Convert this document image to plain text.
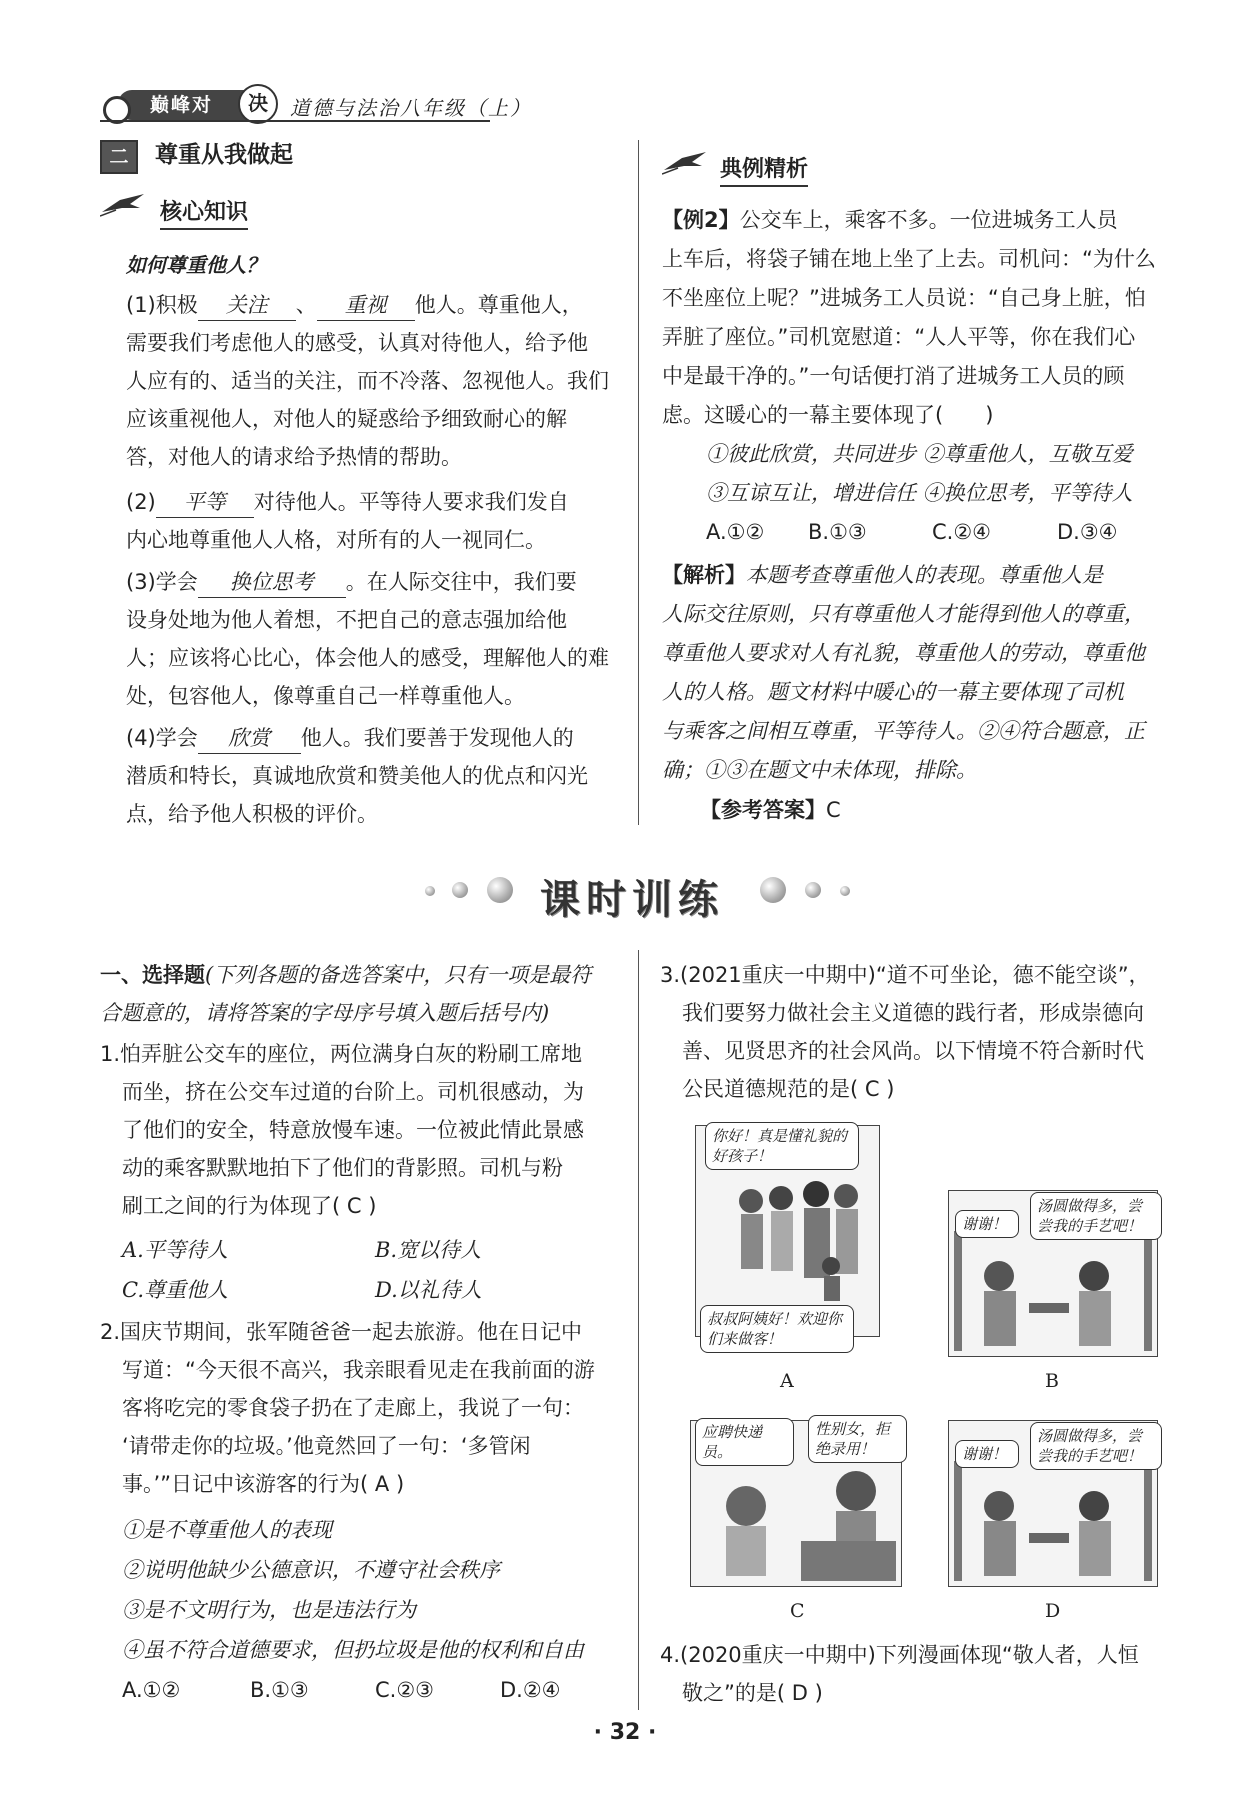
巅峰对	决	道德与法治八年级（上）
二	尊重从我做起
核心知识
如何尊重他人？
(1)积极 关注 、 重视 他人。尊重他人，
需要我们考虑他人的感受，认真对待他人，给予他
人应有的、适当的关注，而不冷落、忽视他人。我们
应该重视他人，对他人的疑惑给予细致耐心的解
答，对他人的请求给予热情的帮助。
(2) 平等 对待他人。平等待人要求我们发自
内心地尊重他人人格，对所有的人一视同仁。
(3)学会 换位思考 。在人际交往中，我们要
设身处地为他人着想，不把自己的意志强加给他
人；应该将心比心，体会他人的感受，理解他人的难
处，包容他人，像尊重自己一样尊重他人。
(4)学会 欣赏 他人。我们要善于发现他人的
潜质和特长，真诚地欣赏和赞美他人的优点和闪光
点，给予他人积极的评价。
典例精析
【例2】公交车上，乘客不多。一位进城务工人员
上车后，将袋子铺在地上坐了上去。司机问：“为什么
不坐座位上呢？”进城务工人员说：“自己身上脏，怕
弄脏了座位。”司机宽慰道：“人人平等，你在我们心
中是最干净的。”一句话便打消了进城务工人员的顾
虑。这暖心的一幕主要体现了(　　)
①彼此欣赏，共同进步 ②尊重他人，互敬互爱
③互谅互让，增进信任 ④换位思考，平等待人
A.①② B.①③	C.②④	D.③④
【解析】本题考查尊重他人的表现。尊重他人是
人际交往原则，只有尊重他人才能得到他人的尊重，
尊重他人要求对人有礼貌，尊重他人的劳动，尊重他
人的人格。题文材料中暖心的一幕主要体现了司机
与乘客之间相互尊重，平等待人。②④符合题意，正
确；①③在题文中未体现，排除。
【参考答案】C
课时训练
一、选择题(下列各题的备选答案中，只有一项是最符
合题意的，请将答案的字母序号填入题后括号内)
1.怕弄脏公交车的座位，两位满身白灰的粉刷工席地
而坐，挤在公交车过道的台阶上。司机很感动，为
了他们的安全，特意放慢车速。一位被此情此景感
动的乘客默默地拍下了他们的背影照。司机与粉
刷工之间的行为体现了( C )
A.平等待人	B.宽以待人
C.尊重他人	D.以礼待人
2.国庆节期间，张军随爸爸一起去旅游。他在日记中
写道：“今天很不高兴，我亲眼看见走在我前面的游
客将吃完的零食袋子扔在了走廊上，我说了一句：
‘请带走你的垃圾。’他竟然回了一句：‘多管闲
事。’”日记中该游客的行为( A )
①是不尊重他人的表现
②说明他缺少公德意识，不遵守社会秩序
③是不文明行为，也是违法行为
④虽不符合道德要求，但扔垃圾是他的权利和自由
A.①②	B.①③	C.②③	D.②④
3.(2021重庆一中期中)“道不可坐论，德不能空谈”，
我们要努力做社会主义道德的践行者，形成崇德向
善、见贤思齐的社会风尚。以下情境不符合新时代
公民道德规范的是( C )
你好！真是懂礼貌的好孩子！
叔叔阿姨好！欢迎你们来做客！
A
谢谢！
汤圆做得多，尝尝我的手艺吧！
B
应聘快递员。
性别女，拒绝录用！
C
谢谢！
汤圆做得多，尝尝我的手艺吧！
D
4.(2020重庆一中期中)下列漫画体现“敬人者，人恒
敬之”的是( D )
· 32 ·
